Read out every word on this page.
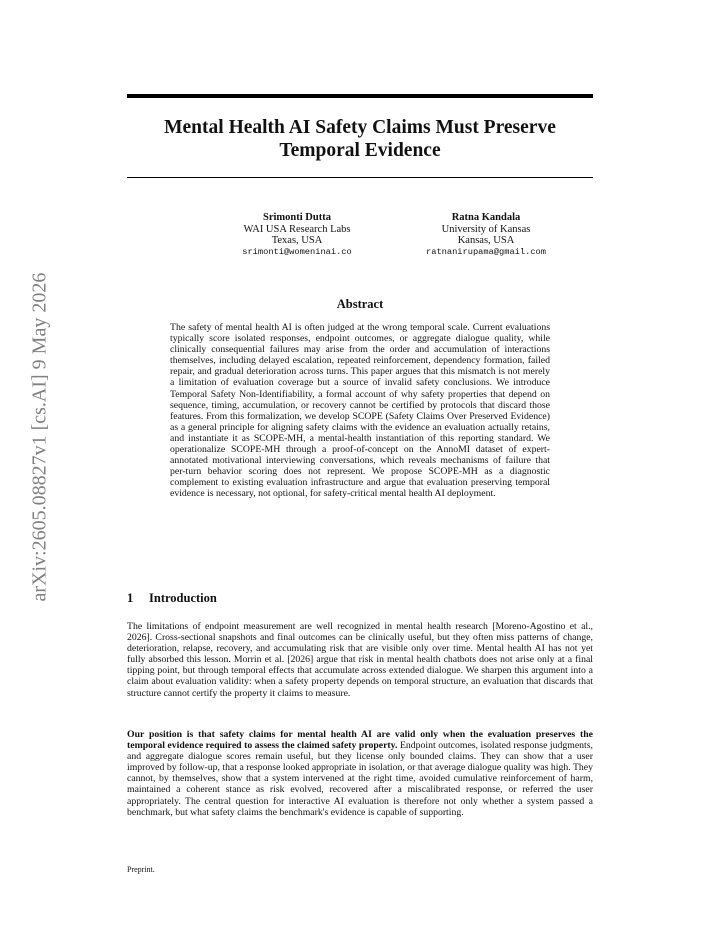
arXiv:2605.08827v1 [cs.AI] 9 May 2026
Mental Health AI Safety Claims Must Preserve Temporal Evidence
Srimonti Dutta
WAI USA Research Labs
Texas, USA
srimonti@womeninai.co
Ratna Kandala
University of Kansas
Kansas, USA
ratnanirupama@gmail.com
Abstract
The safety of mental health AI is often judged at the wrong temporal scale. Current evaluations typically score isolated responses, endpoint outcomes, or aggregate dialogue quality, while clinically consequential failures may arise from the order and accumulation of interactions themselves, including delayed escalation, repeated reinforcement, dependency formation, failed repair, and gradual deterioration across turns. This paper argues that this mismatch is not merely a limitation of evaluation coverage but a source of invalid safety conclusions. We introduce Temporal Safety Non-Identifiability, a formal account of why safety properties that depend on sequence, timing, accumulation, or recovery cannot be certified by protocols that discard those features. From this formalization, we develop SCOPE (Safety Claims Over Preserved Evidence) as a general principle for aligning safety claims with the evidence an evaluation actually retains, and instantiate it as SCOPE-MH, a mental-health instantiation of this reporting standard. We operationalize SCOPE-MH through a proof-of-concept on the AnnoMI dataset of expert-annotated motivational interviewing conversations, which reveals mechanisms of failure that per-turn behavior scoring does not represent. We propose SCOPE-MH as a diagnostic complement to existing evaluation infrastructure and argue that evaluation preserving temporal evidence is necessary, not optional, for safety-critical mental health AI deployment.
1 Introduction
The limitations of endpoint measurement are well recognized in mental health research [Moreno-Agostino et al., 2026]. Cross-sectional snapshots and final outcomes can be clinically useful, but they often miss patterns of change, deterioration, relapse, recovery, and accumulating risk that are visible only over time. Mental health AI has not yet fully absorbed this lesson. Morrin et al. [2026] argue that risk in mental health chatbots does not arise only at a final tipping point, but through temporal effects that accumulate across extended dialogue. We sharpen this argument into a claim about evaluation validity: when a safety property depends on temporal structure, an evaluation that discards that structure cannot certify the property it claims to measure.
Our position is that safety claims for mental health AI are valid only when the evaluation preserves the temporal evidence required to assess the claimed safety property. Endpoint outcomes, isolated response judgments, and aggregate dialogue scores remain useful, but they license only bounded claims. They can show that a user improved by follow-up, that a response looked appropriate in isolation, or that average dialogue quality was high. They cannot, by themselves, show that a system intervened at the right time, avoided cumulative reinforcement of harm, maintained a coherent stance as risk evolved, recovered after a miscalibrated response, or referred the user appropriately. The central question for interactive AI evaluation is therefore not only whether a system passed a benchmark, but what safety claims the benchmark's evidence is capable of supporting.
Preprint.
